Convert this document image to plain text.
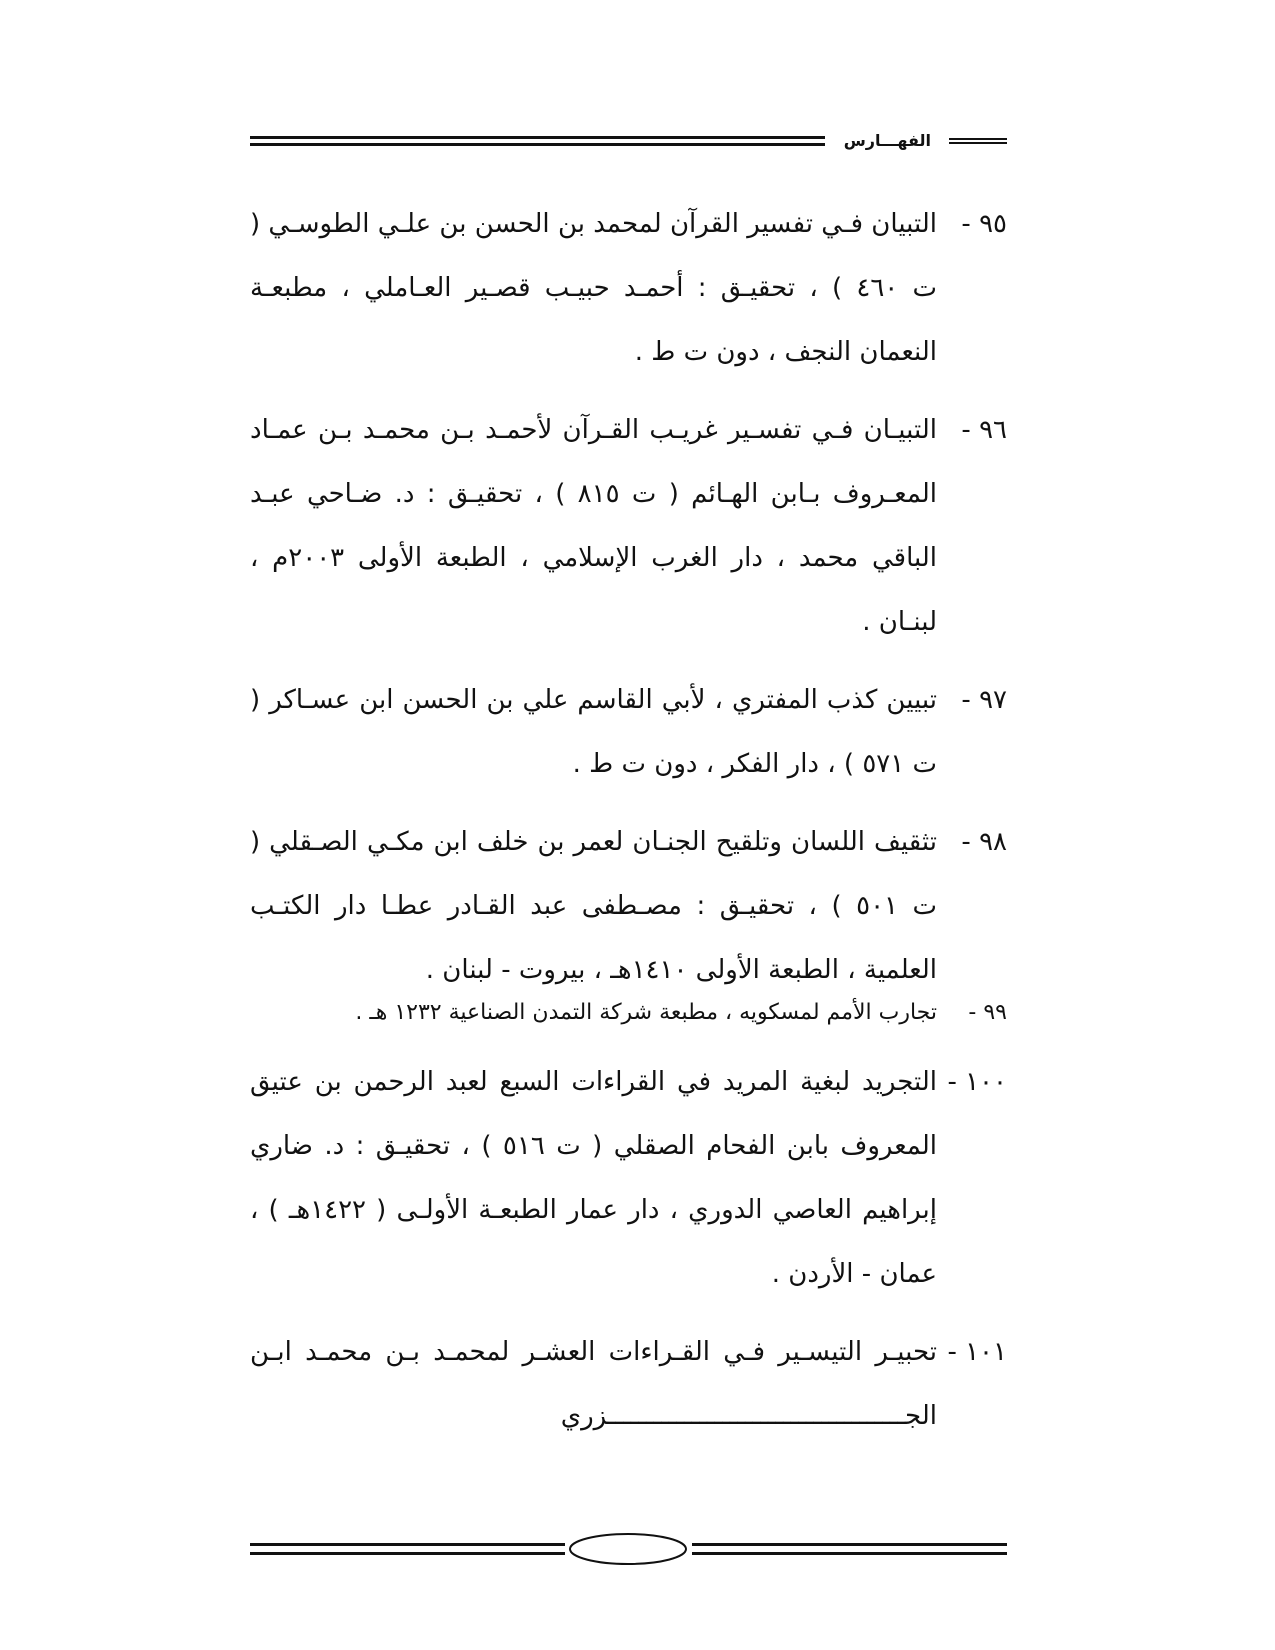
الفهـــارس
٩٥ -
التبيان فـي تفسير القرآن لمحمد بن الحسن بن علـي الطوسـي ( ت ٤٦٠ ) ، تحقيـق : أحمـد حبيـب قصـير العـاملي ، مطبعـة النعمان النجف ، دون ت ط .
٩٦ -
التبيـان فـي تفسـير غريـب القـرآن لأحمـد بـن محمـد بـن عمـاد المعـروف بـابن الهـائم ( ت ٨١٥ ) ، تحقيـق : د. ضـاحي عبـد الباقي محمد ، دار الغرب الإسلامي ، الطبعة الأولى ٢٠٠٣م ، لبنـان .
٩٧ -
تبيين كذب المفتري ، لأبي القاسم علي بن الحسن ابن عسـاكر ( ت ٥٧١ ) ، دار الفكر ، دون ت ط .
٩٨ -
تثقيف اللسان وتلقيح الجنـان لعمر بن خلف ابن مكـي الصـقلي ( ت ٥٠١ ) ، تحقيـق : مصـطفى عبد القـادر عطـا دار الكتـب العلمية ، الطبعة الأولى ١٤١٠هـ ، بيروت - لبنان .
٩٩ -
تجارب الأمم لمسكويه ، مطبعة شركة التمدن الصناعية ١٢٣٢ هـ .
١٠٠ -
التجريد لبغية المريد في القراءات السبع لعبد الرحمن بن عتيق المعروف بابن الفحام الصقلي ( ت ٥١٦ ) ، تحقيـق : د. ضاري إبراهيم العاصي الدوري ، دار عمار الطبعـة الأولـى ( ١٤٢٢هـ ) ، عمان - الأردن .
١٠١ -
تحبيـر التيسـير فـي القـراءات العشـر لمحمـد بـن محمـد ابـن الجـــــــــــــــــــــــــــــــــــــــزري
